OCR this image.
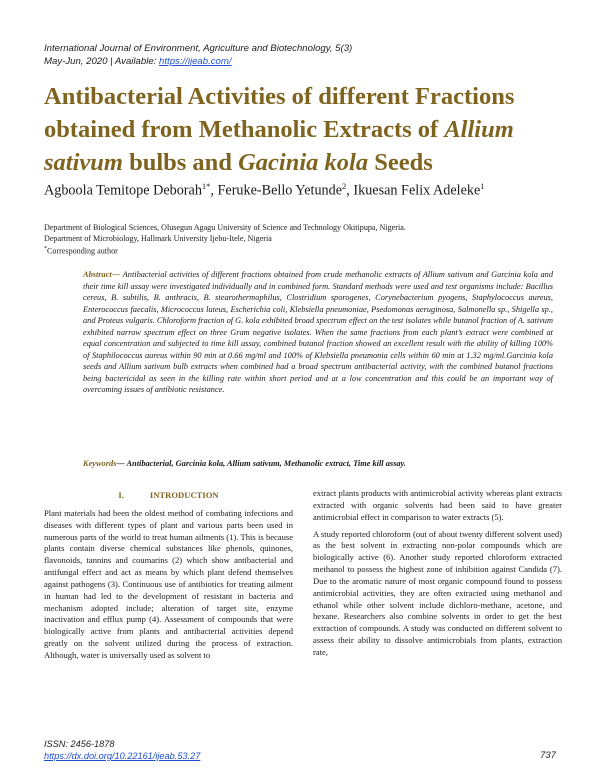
International Journal of Environment, Agriculture and Biotechnology, 5(3)
May-Jun, 2020 | Available: https://ijeab.com/
Antibacterial Activities of different Fractions obtained from Methanolic Extracts of Allium sativum bulbs and Gacinia kola Seeds
Agboola Temitope Deborah$^{1*}$, Feruke-Bello Yetunde$^2$, Ikuesan Felix Adeleke$^1$
Department of Biological Sciences, Olusegun Agagu University of Science and Technology Okitipupa, Nigeria.
Department of Microbiology, Hallmark University Ijebu-Itele, Nigeria
*Corresponding author
Abstract— Antibacterial activities of different fractions obtained from crude methanolic extracts of Allium sativum and Garcinia kola and their time kill assay were investigated individually and in combined form. Standard methods were used and test organisms include: Bacillus cereus, B. subtilis, B. anthracis, B. stearothermophilus, Clostridium sporogenes, Corynebacterium pyogens, Staphylococcus aureus, Enterococcus faecalis, Micrococcus luteus, Escherichia coli, Klebsiella pneumoniae, Psedomonas aeruginosa, Salmonella sp., Shigella sp., and Proteus vulgaris. Chloroform fraction of G. kola exhibited broad spectrum effect on the test isolates while butanol fraction of A. sativum exhibited narrow spectrum effect on three Gram negative isolates. When the same fractions from each plant’s extract were combined at equal concentration and subjected to time kill assay, combined butanol fraction showed an excellent result with the ability of killing 100% of Staphilococcus aureus within 90 min at 0.66 mg/ml and 100% of Klebsiella pneumonia cells within 60 min at 1.32 mg/ml.Garcinia kola seeds and Allium sativum bulb extracts when combined had a broad spectrum antibacterial activity, with the combined butanol fractions being bactericidal as seen in the killing rate within short period and at a low concentration and this could be an important way of overcoming issues of antibiotic resistance.
Keywords— Antibacterial, Garcinia kola, Allium sativum, Methanolic extract, Time kill assay.
I.	INTRODUCTION

Plant materials had been the oldest method of combating infections and diseases with different types of plant and various parts been used in numerous parts of the world to treat human ailments (1). This is because plants contain diverse chemical substances like phenols, quinones, flavonoids, tannins and coumarins (2) which show antibacterial and antifungal effect and act as means by which plant defend themselves against pathogens (3). Continuous use of antibiotics for treating ailment in human had led to the development of resistant in bacteria and mechanism adopted include; alteration of target site, enzyme inactivation and efflux pump (4). Assessment of compounds that were biologically active from plants and antibacterial activities depend greatly on the solvent utilized during the process of extraction. Although, water is universally used as solvent to

extract plants products with antimicrobial activity whereas plant extracts extracted with organic solvents had been said to have greater antimicrobial effect in comparison to water extracts (5).

A study reported chloroform (out of about twenty different solvent used) as the best solvent in extracting non-polar compounds which are biologically active (6). Another study reported chloroform extracted methanol to possess the highest zone of inhibition against Candida (7). Due to the aromatic nature of most organic compound found to possess antimicrobial activities, they are often extracted using methanol and ethanol while other solvent include dichloro-methane, acetone, and hexane. Researchers also combine solvents in order to get the best extraction of compounds. A study was conducted on different solvent to assess their ability to dissolve antimicrobials from plants, extraction rate,

ISSN: 2456-1878
https://dx.doi.org/10.22161/ijeab.53.27	737
